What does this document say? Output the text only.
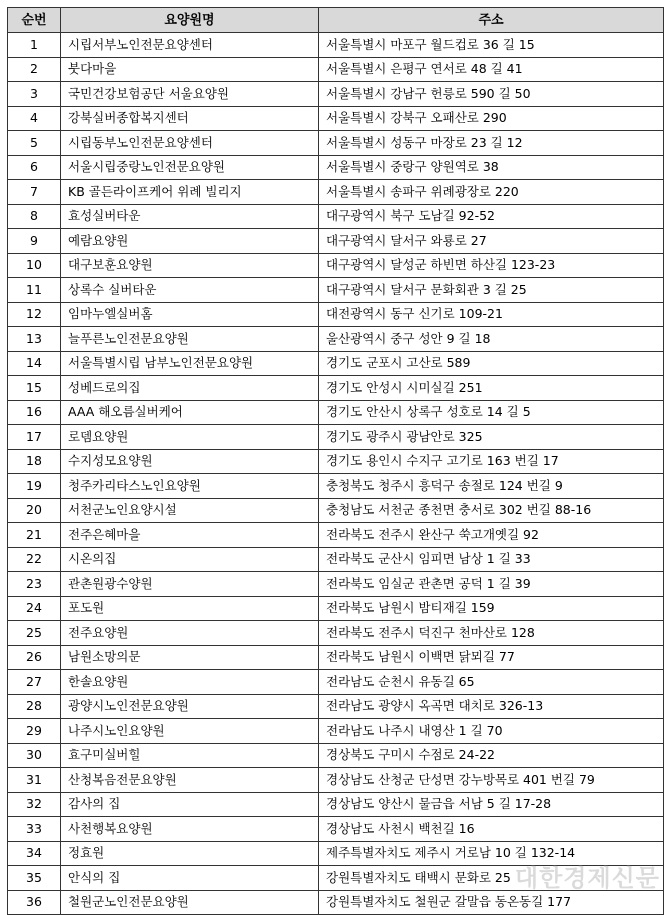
순번	요양원명	주소
1	시립서부노인전문요양센터	서울특별시 마포구 월드컵로 36 길 15
2	붓다마을	서울특별시 은평구 연서로 48 길 41
3	국민건강보험공단 서울요양원	서울특별시 강남구 헌릉로 590 길 50
4	강북실버종합복지센터	서울특별시 강북구 오패산로 290
5	시립동부노인전문요양센터	서울특별시 성동구 마장로 23 길 12
6	서울시립중랑노인전문요양원	서울특별시 중랑구 양원역로 38
7	KB 골든라이프케어 위례 빌리지	서울특별시 송파구 위례광장로 220
8	효성실버타운	대구광역시 북구 도남길 92-52
9	예람요양원	대구광역시 달서구 와룡로 27
10	대구보훈요양원	대구광역시 달성군 하빈면 하산길 123-23
11	상록수 실버타운	대구광역시 달서구 문화회관 3 길 25
12	임마누엘실버홈	대전광역시 동구 신기로 109-21
13	늘푸른노인전문요양원	울산광역시 중구 성안 9 길 18
14	서울특별시립 남부노인전문요양원	경기도 군포시 고산로 589
15	성베드로의집	경기도 안성시 시미실길 251
16	AAA 해오름실버케어	경기도 안산시 상록구 성호로 14 길 5
17	로뎀요양원	경기도 광주시 광남안로 325
18	수지성모요양원	경기도 용인시 수지구 고기로 163 번길 17
19	청주카리타스노인요양원	충청북도 청주시 흥덕구 송절로 124 번길 9
20	서천군노인요양시설	충청남도 서천군 종천면 충서로 302 번길 88-16
21	전주은혜마을	전라북도 전주시 완산구 쑥고개옛길 92
22	시온의집	전라북도 군산시 임피면 남상 1 길 33
23	관촌원광수양원	전라북도 임실군 관촌면 공덕 1 길 39
24	포도원	전라북도 남원시 밤티재길 159
25	전주요양원	전라북도 전주시 덕진구 천마산로 128
26	남원소망의문	전라북도 남원시 이백면 닭뫼길 77
27	한솔요양원	전라남도 순천시 유동길 65
28	광양시노인전문요양원	전라남도 광양시 옥곡면 대치로 326-13
29	나주시노인요양원	전라남도 나주시 내영산 1 길 70
30	효구미실버힐	경상북도 구미시 수점로 24-22
31	산청복음전문요양원	경상남도 산청군 단성면 강누방목로 401 번길 79
32	감사의 집	경상남도 양산시 물금읍 서남 5 길 17-28
33	사천행복요양원	경상남도 사천시 백천길 16
34	정효원	제주특별자치도 제주시 거로남 10 길 132-14
35	안식의 집	강원특별자치도 태백시 문화로 25
36	철원군노인전문요양원	강원특별자치도 철원군 갈말읍 동온동길 177
대한경제신문
